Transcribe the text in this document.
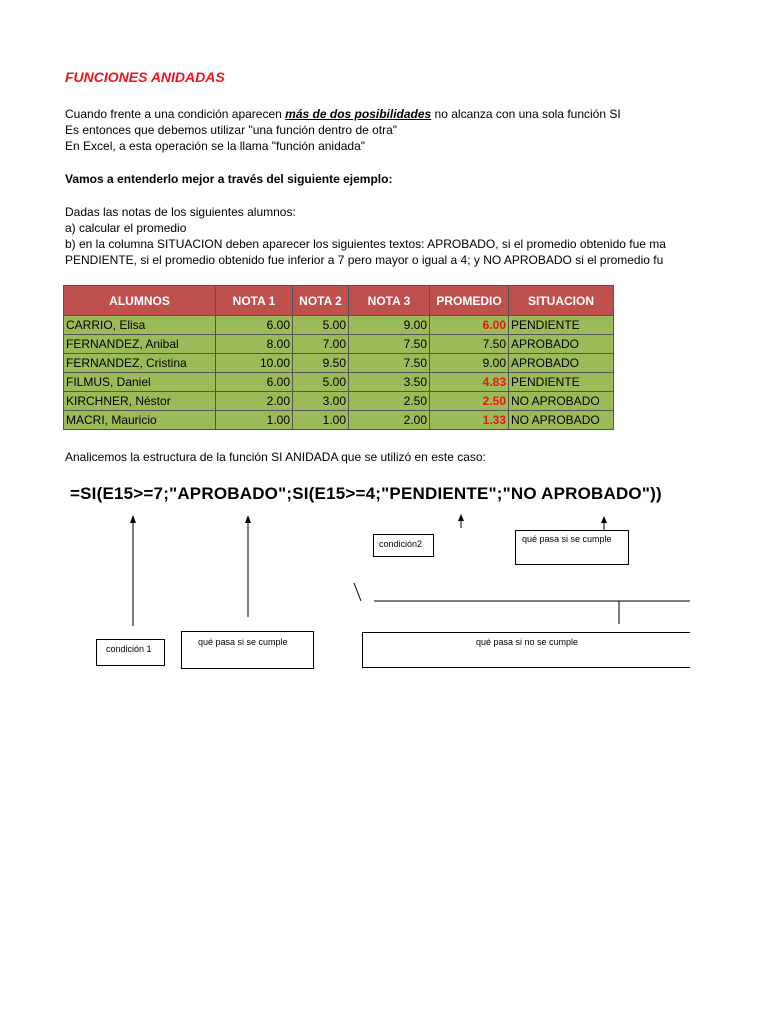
FUNCIONES ANIDADAS
Cuando frente a una condición aparecen más de dos posibilidades no alcanza con una sola función SI
Es entonces que debemos utilizar "una función dentro de otra"
En Excel, a esta operación se la llama "función anidada"
Vamos a entenderlo mejor a través del siguiente ejemplo:
Dadas las notas de los siguientes alumnos:
a) calcular el promedio
b) en la columna SITUACION deben aparecer los siguientes textos: APROBADO, si el promedio obtenido fue ma
PENDIENTE, si el promedio obtenido fue inferior a 7 pero mayor o igual a 4; y NO APROBADO si el promedio fu
ALUMNOS	NOTA 1	NOTA 2	NOTA 3	PROMEDIO	SITUACION
CARRIO, Elisa	6.00	5.00	9.00	6.00	PENDIENTE
FERNANDEZ, Anibal	8.00	7.00	7.50	7.50	APROBADO
FERNANDEZ, Cristina	10.00	9.50	7.50	9.00	APROBADO
FILMUS, Daniel	6.00	5.00	3.50	4.83	PENDIENTE
KIRCHNER, Néstor	2.00	3.00	2.50	2.50	NO APROBADO
MACRI, Mauricio	1.00	1.00	2.00	1.33	NO APROBADO
Analicemos la estructura de la función SI ANIDADA que se utilizó en este caso:
=SI(E15>=7;"APROBADO";SI(E15>=4;"PENDIENTE";"NO APROBADO"))
condición 1
qué pasa si se cumple
condición2	qué pasa si se cumple
qué pasa si no se cumple
